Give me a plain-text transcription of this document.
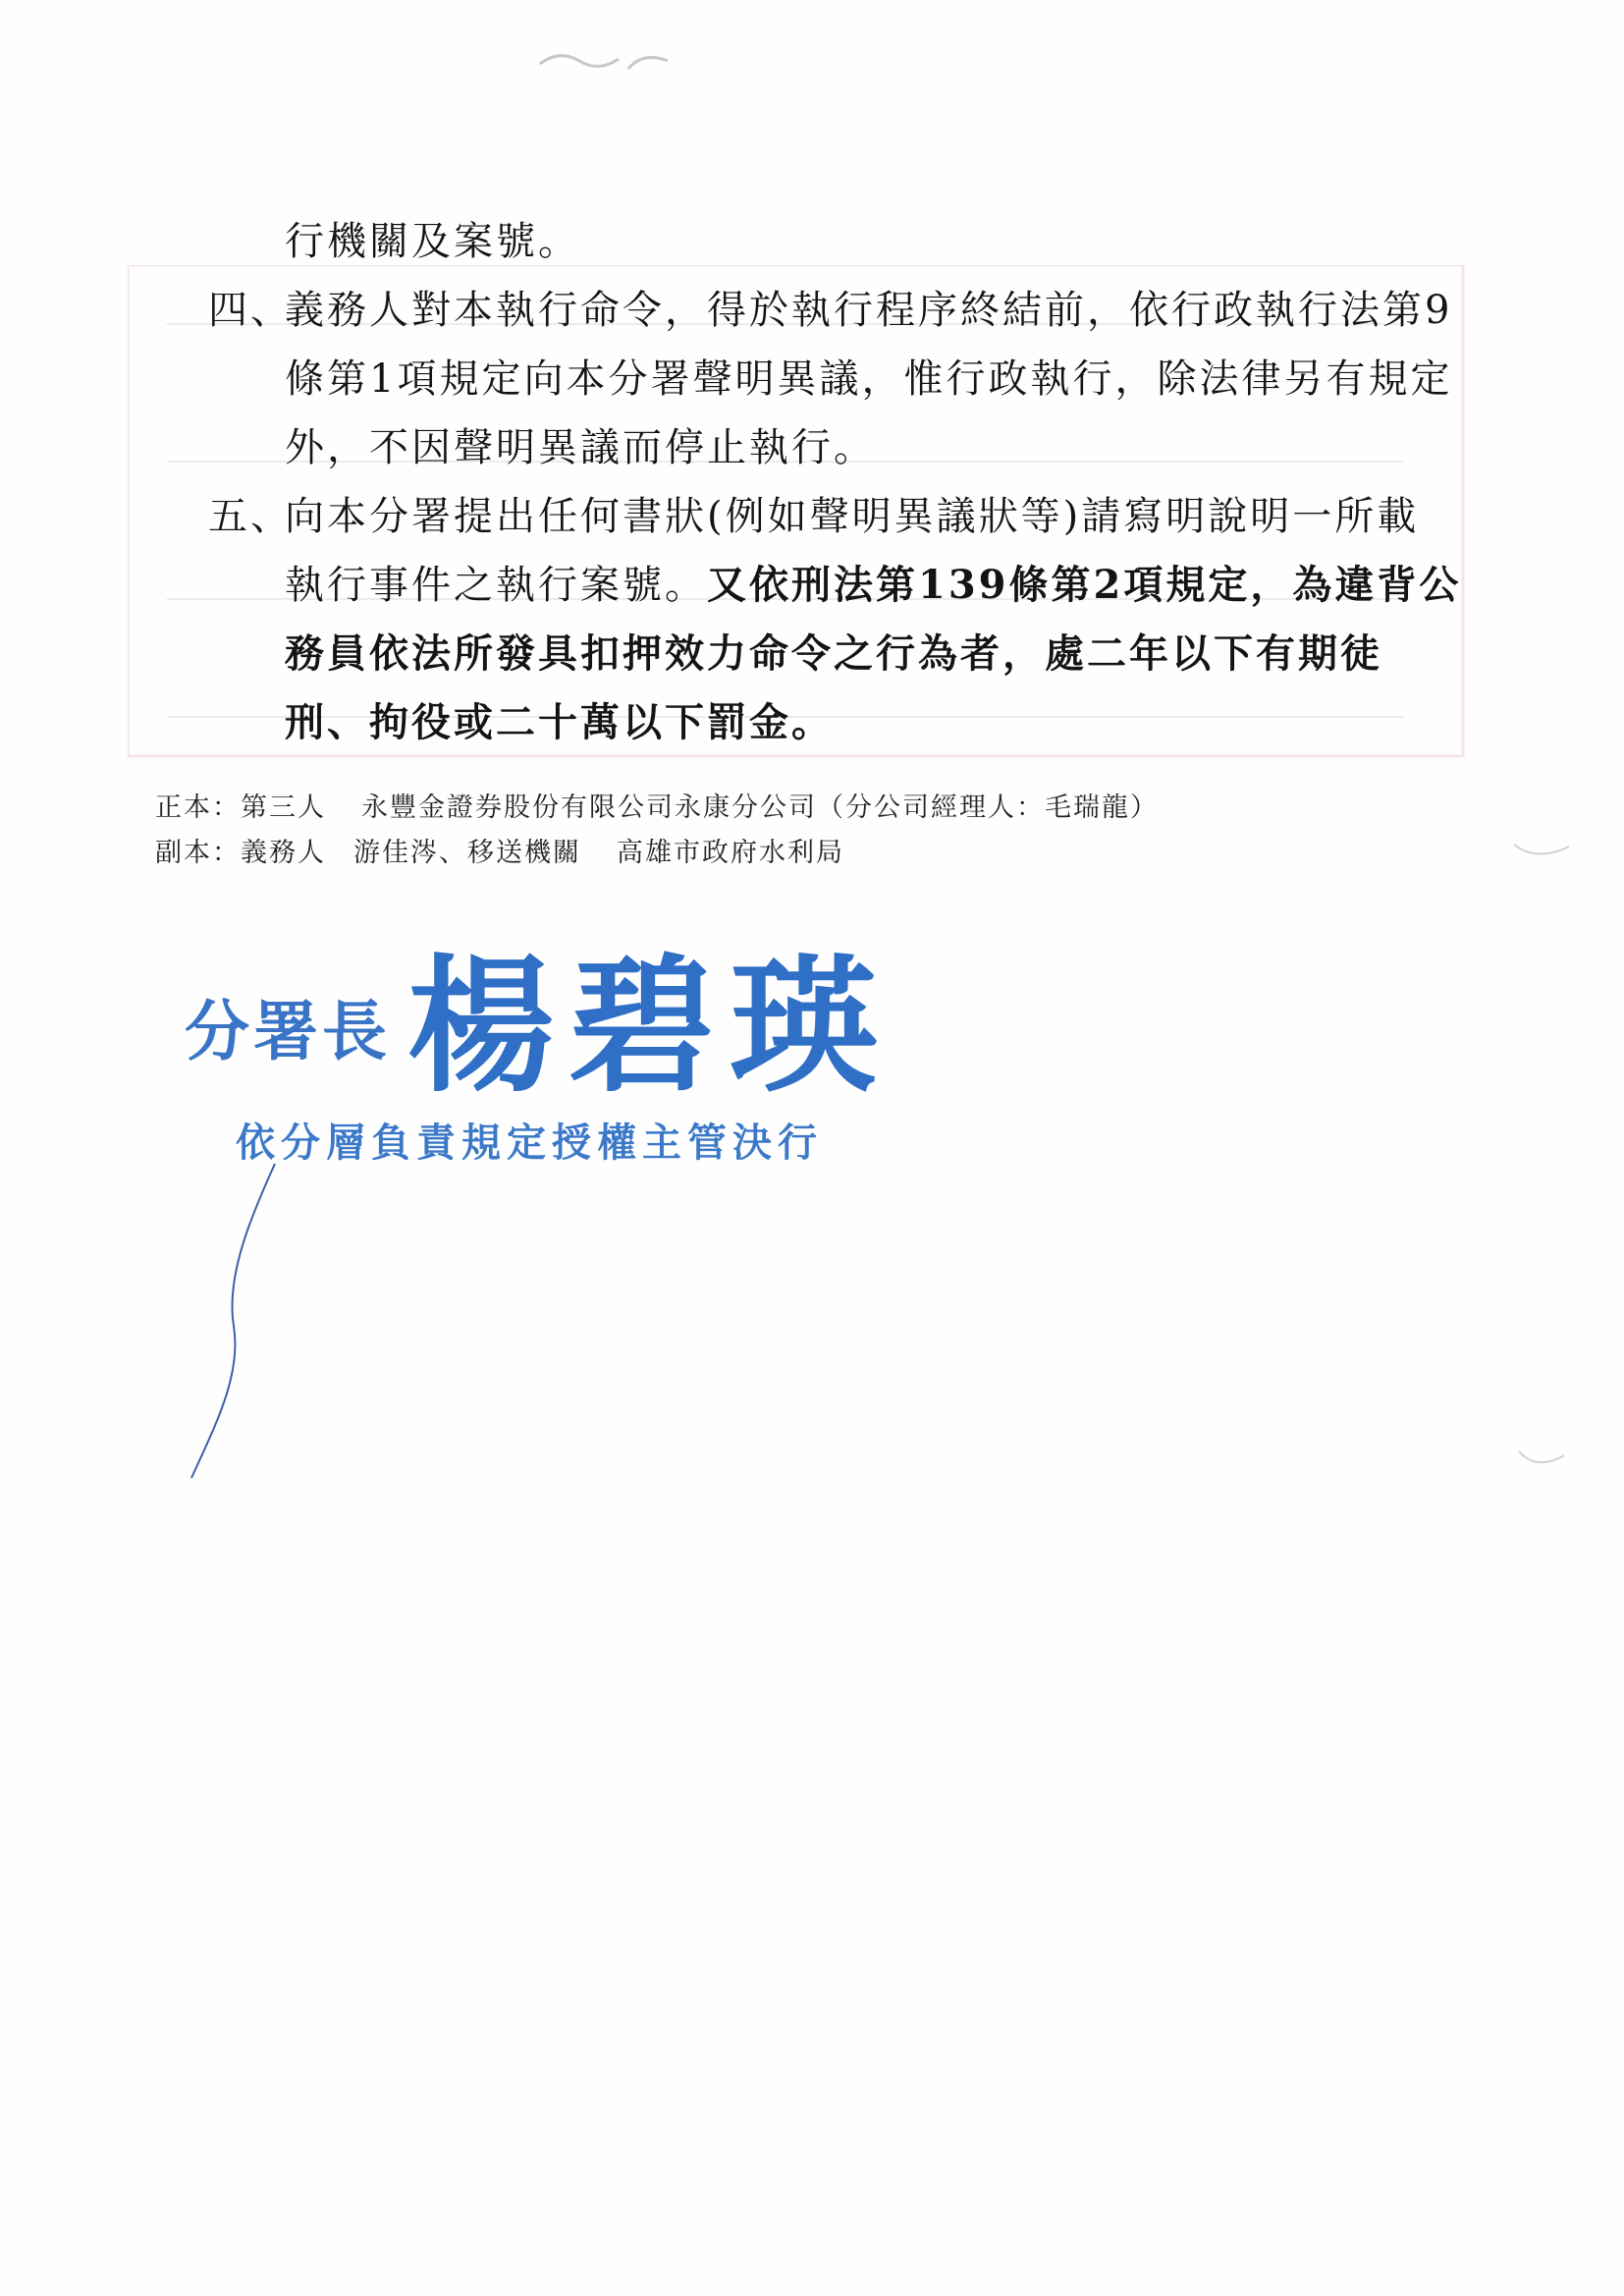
行機關及案號。
四、
義務人對本執行命令，得於執行程序終結前，依行政執行法第9
條第1項規定向本分署聲明異議，惟行政執行，除法律另有規定
外，不因聲明異議而停止執行。
五、
向本分署提出任何書狀(例如聲明異議狀等)請寫明說明一所載
執行事件之執行案號。又依刑法第139條第2項規定，為違背公
務員依法所發具扣押效力命令之行為者，處二年以下有期徒
刑、拘役或二十萬以下罰金。
正本：第三人 永豐金證券股份有限公司永康分公司（分公司經理人：毛瑞龍）
副本：義務人 游佳涔、移送機關 高雄市政府水利局
分署長 楊碧瑛
依分層負責規定授權主管決行
